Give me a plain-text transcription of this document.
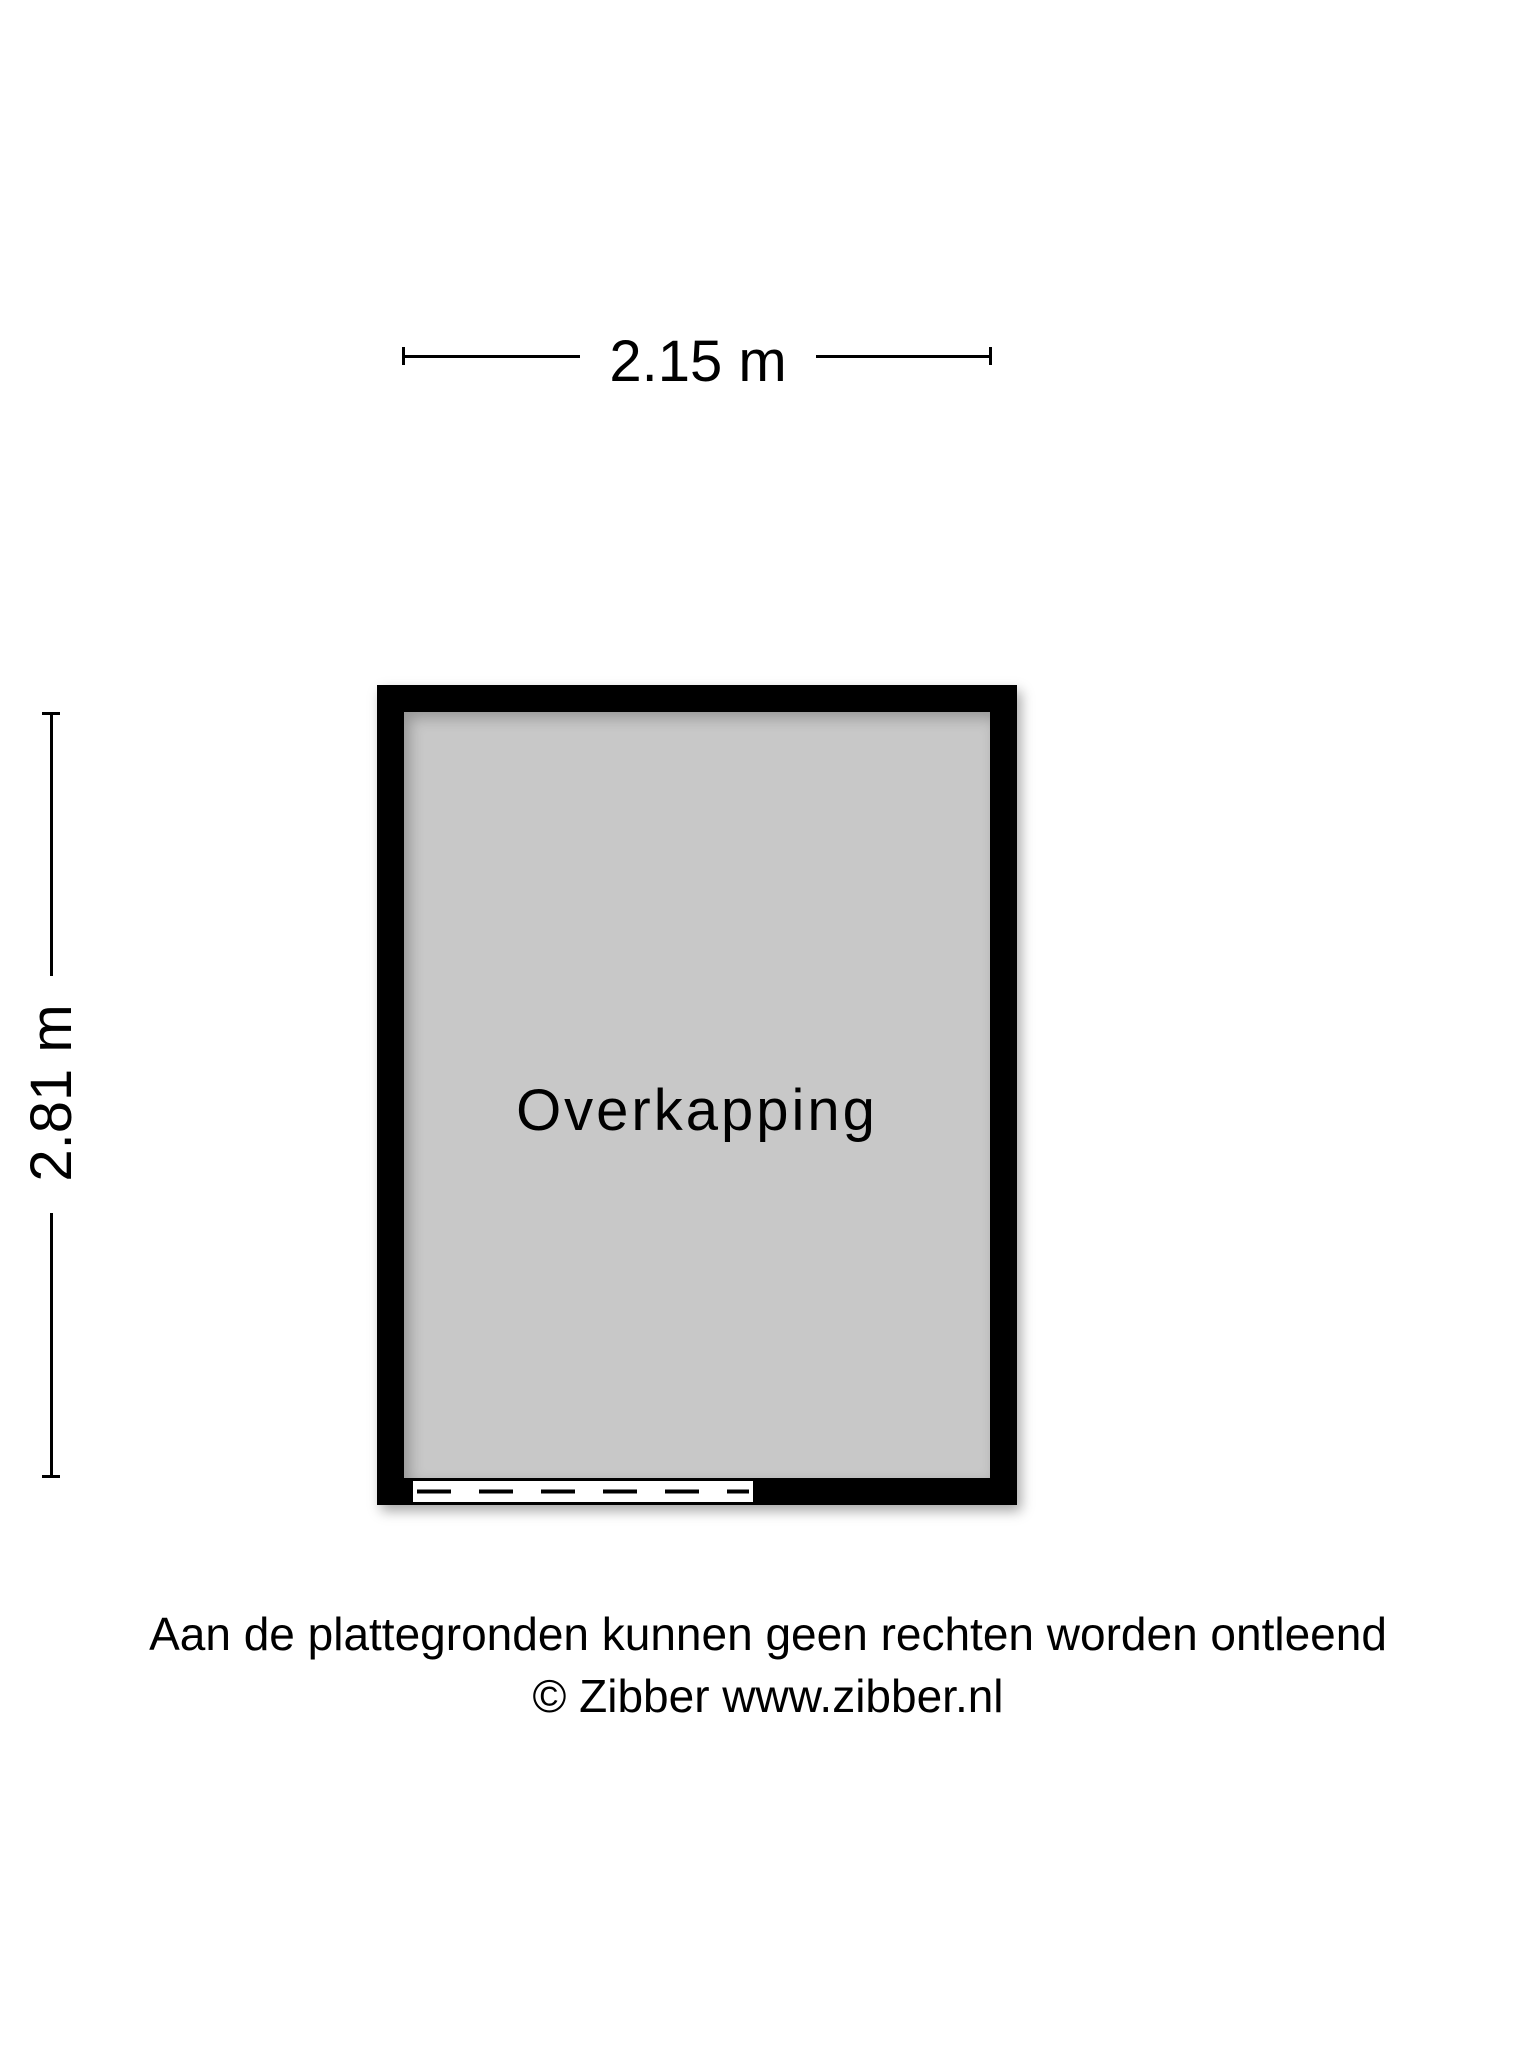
2.15 m
2.81 m	Overkapping
Aan de plattegronden kunnen geen rechten worden ontleend
© Zibber www.zibber.nl
